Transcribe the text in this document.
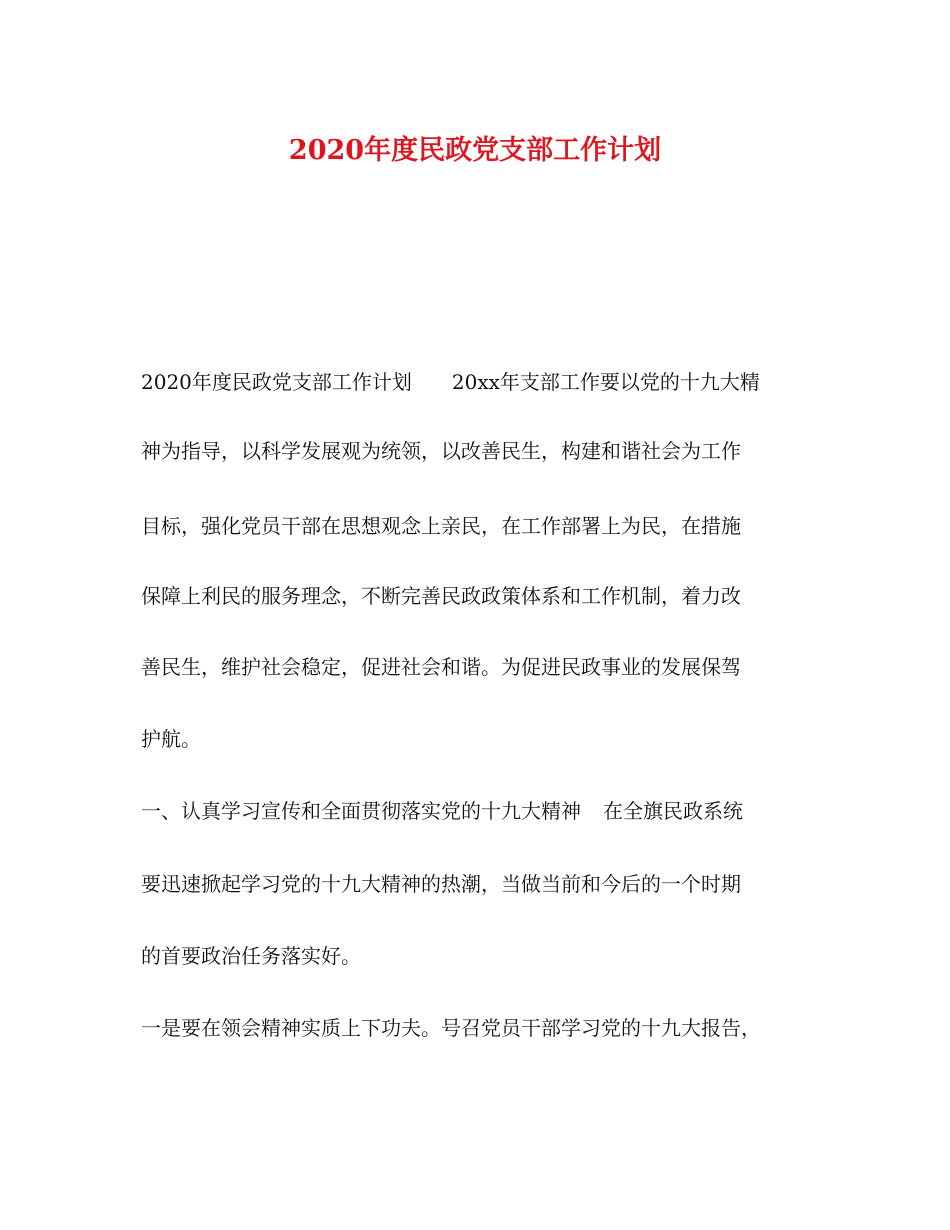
2020年度民政党支部工作计划
2020年度民政党支部工作计划 20xx年支部工作要以党的十九大精
神为指导，以科学发展观为统领，以改善民生，构建和谐社会为工作
目标，强化党员干部在思想观念上亲民，在工作部署上为民，在措施
保障上利民的服务理念，不断完善民政政策体系和工作机制，着力改
善民生，维护社会稳定，促进社会和谐。为促进民政事业的发展保驾
护航。
一、认真学习宣传和全面贯彻落实党的十九大精神 在全旗民政系统
要迅速掀起学习党的十九大精神的热潮，当做当前和今后的一个时期
的首要政治任务落实好。
一是要在领会精神实质上下功夫。号召党员干部学习党的十九大报告，
